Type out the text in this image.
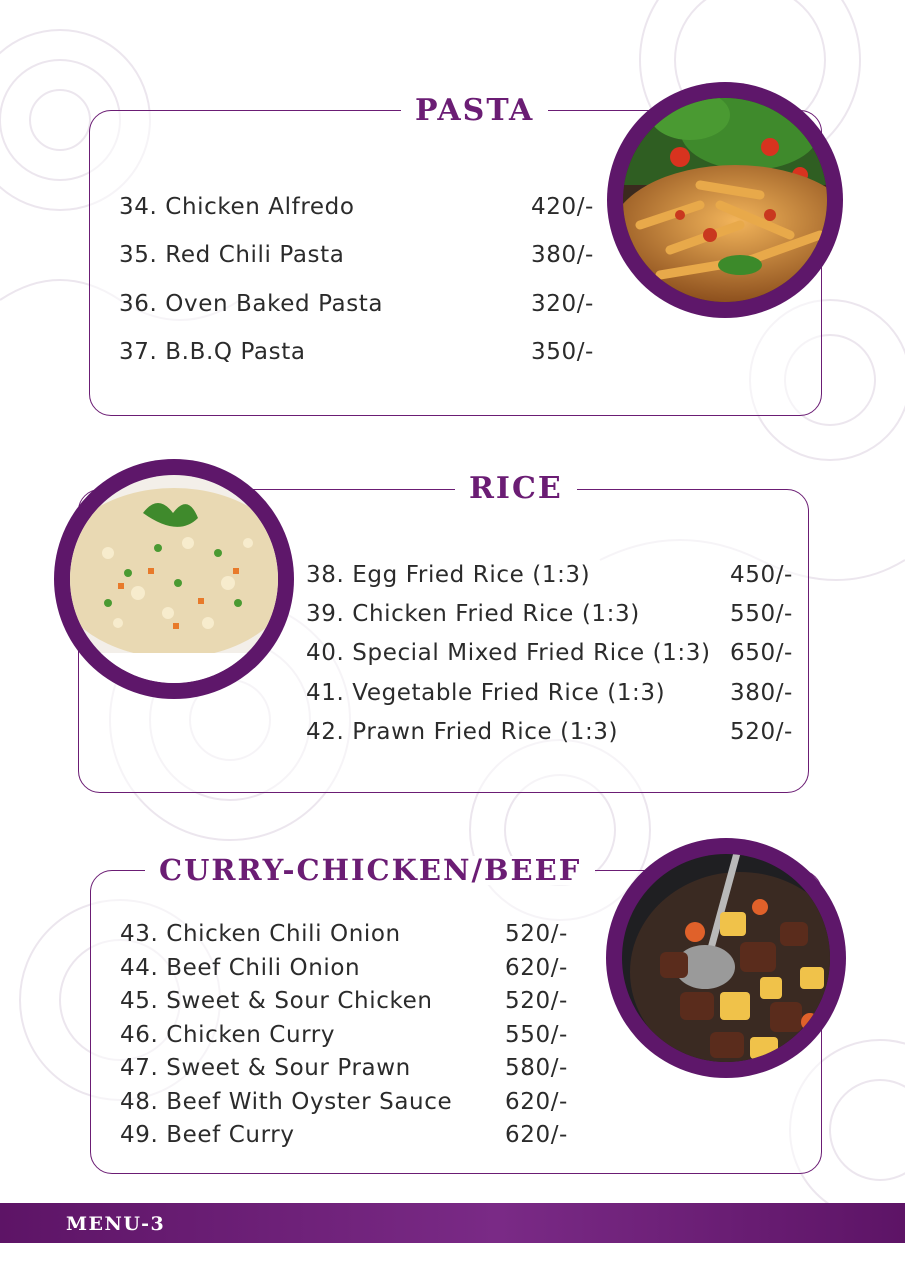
PASTA
34. Chicken Alfredo	420/-
35. Red Chili Pasta	380/-
36. Oven Baked Pasta	320/-
37. B.B.Q Pasta	350/-
RICE
38. Egg Fried Rice (1:3)	450/-
39. Chicken Fried Rice (1:3)	550/-
40. Special Mixed Fried Rice (1:3) 650/-
41. Vegetable Fried Rice (1:3)	380/-
42. Prawn Fried Rice (1:3)	520/-
CURRY-CHICKEN/BEEF
43. Chicken Chili Onion	520/-
44. Beef Chili Onion	620/-
45. Sweet & Sour Chicken	520/-
46. Chicken Curry	550/-
47. Sweet & Sour Prawn	580/-
48. Beef With Oyster Sauce 620/-
49. Beef Curry	620/-
MENU-3
